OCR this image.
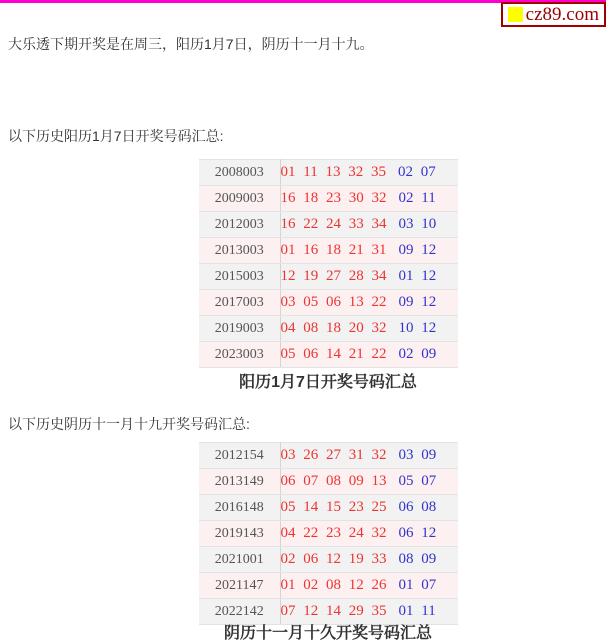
cz89.com

大乐透下期开奖是在周三，阳历1月7日，阴历十一月十九。

以下历史阳历1月7日开奖号码汇总:

2008003	01 11 13 32 35 02 07
2009003	16 18 23 30 32 02 11
2012003	16 22 24 33 34 03 10
2013003	01 16 18 21 31 09 12
2015003	12 19 27 28 34 01 12
2017003	03 05 06 13 22 09 12
2019003	04 08 18 20 32 10 12
2023003	05 06 14 21 22 02 09
阳历1月7日开奖号码汇总

以下历史阴历十一月十九开奖号码汇总:

2012154	03 26 27 31 32 03 09
2013149	06 07 08 09 13 05 07
2016148	05 14 15 23 25 06 08
2019143	04 22 23 24 32 06 12
2021001	02 06 12 19 33 08 09
2021147	01 02 08 12 26 01 07
2022142	07 12 14 29 35 01 11
阴历十一月十久开奖号码汇总
